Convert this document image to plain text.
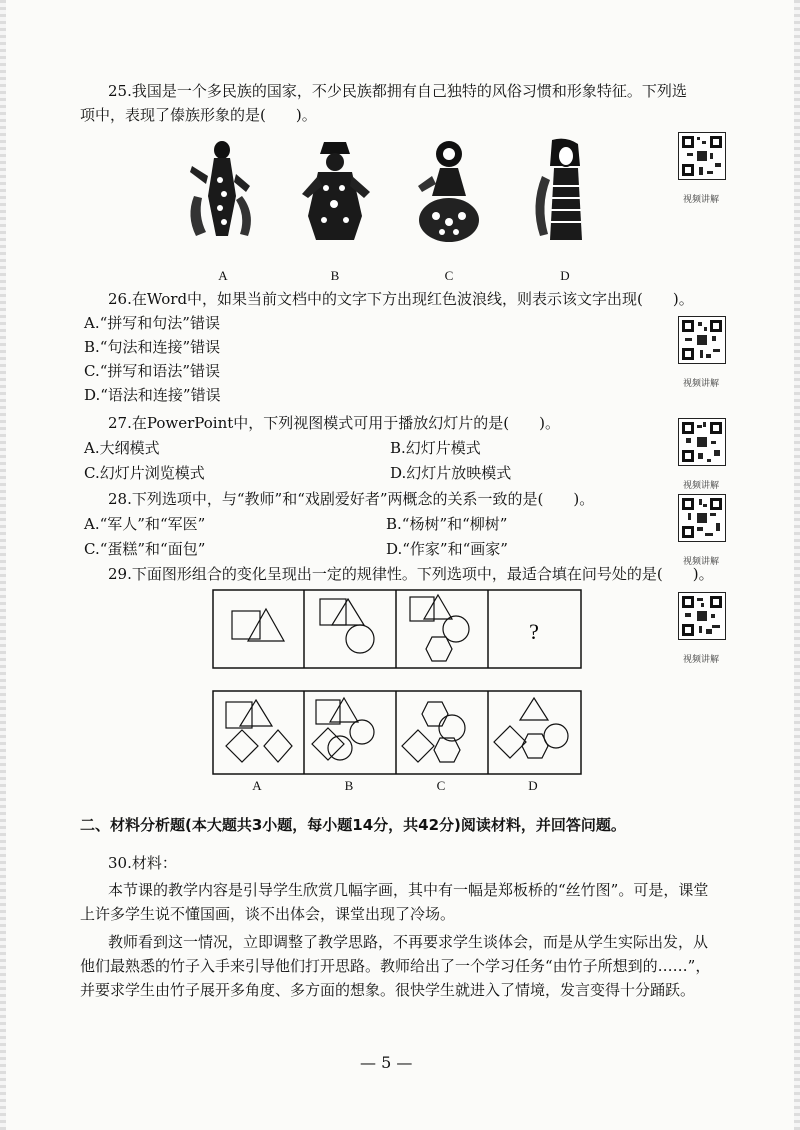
25.我国是一个多民族的国家，不少民族都拥有自己独特的风俗习惯和形象特征。下列选
项中，表现了傣族形象的是(　　)。
A	B	C	D
视频讲解
26.在Word中，如果当前文档中的文字下方出现红色波浪线，则表示该文字出现(　　)。
A.“拼写和句法”错误
B.“句法和连接”错误
C.“拼写和语法”错误
D.“语法和连接”错误
视频讲解
27.在PowerPoint中，下列视图模式可用于播放幻灯片的是(　　)。
A.大纲模式	B.幻灯片模式
C.幻灯片浏览模式	D.幻灯片放映模式
视频讲解
28.下列选项中，与“教师”和“戏剧爱好者”两概念的关系一致的是(　　)。
A.“军人”和“军医”	B.“杨树”和“柳树”
C.“蛋糕”和“面包”	D.“作家”和“画家”
视频讲解
29.下面图形组合的变化呈现出一定的规律性。下列选项中，最适合填在问号处的是(　　)。
视频讲解
?
A	B	C	D
二、材料分析题(本大题共3小题，每小题14分，共42分)阅读材料，并回答问题。
30.材料：
本节课的教学内容是引导学生欣赏几幅字画，其中有一幅是郑板桥的“丝竹图”。可是，课堂上许多学生说不懂国画，谈不出体会，课堂出现了冷场。
教师看到这一情况，立即调整了教学思路，不再要求学生谈体会，而是从学生实际出发，从他们最熟悉的竹子入手来引导他们打开思路。教师给出了一个学习任务“由竹子所想到的……”，并要求学生由竹子展开多角度、多方面的想象。很快学生就进入了情境，发言变得十分踊跃。
— 5 —
